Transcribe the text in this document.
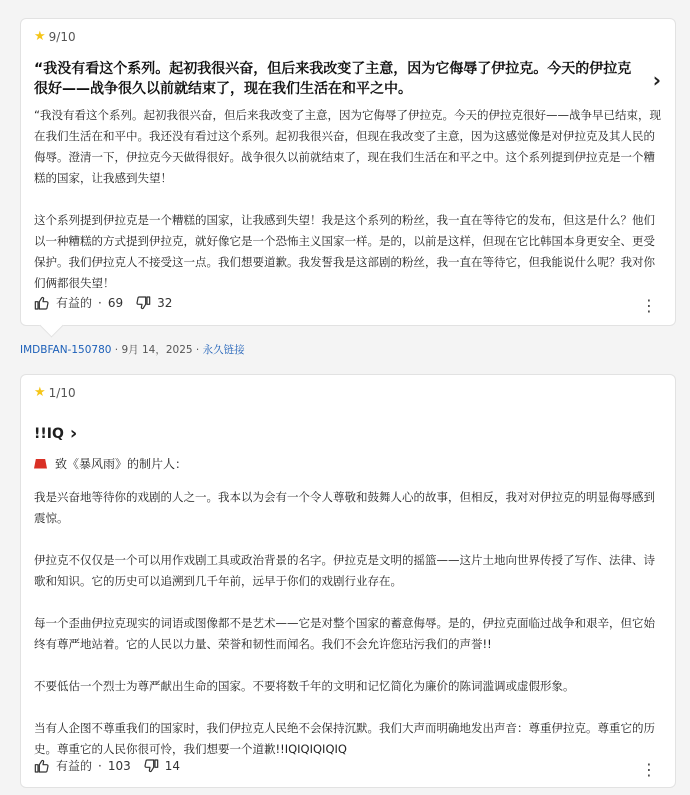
★ 9/10
“我没有看这个系列。起初我很兴奋，但后来我改变了主意，因为它侮辱了伊拉克。今天的伊拉克很好——战争很久以前就结束了，现在我们生活在和平之中。	›

“我没有看这个系列。起初我很兴奋，但后来我改变了主意，因为它侮辱了伊拉克。今天的伊拉克很好——战争早已结束，现在我们生活在和平中。我还没有看过这个系列。起初我很兴奋，但现在我改变了主意，因为这感觉像是对伊拉克及其人民的侮辱。澄清一下，伊拉克今天做得很好。战争很久以前就结束了，现在我们生活在和平之中。这个系列提到伊拉克是一个糟糕的国家，让我感到失望！

这个系列提到伊拉克是一个糟糕的国家，让我感到失望！我是这个系列的粉丝，我一直在等待它的发布，但这是什么？他们以一种糟糕的方式提到伊拉克，就好像它是一个恐怖主义国家一样。是的，以前是这样，但现在它比韩国本身更安全、更受保护。我们伊拉克人不接受这一点。我们想要道歉。我发誓我是这部剧的粉丝，我一直在等待它，但我能说什么呢？我对你们俩都很失望！

有益的 · 69	32	⋮
IMDBFAN-150780 · 9月 14，2025 · 永久链接
★ 1/10
!!IQ ›
致《暴风雨》的制片人：

我是兴奋地等待你的戏剧的人之一。我本以为会有一个令人尊敬和鼓舞人心的故事，但相反，我对对伊拉克的明显侮辱感到震惊。

伊拉克不仅仅是一个可以用作戏剧工具或政治背景的名字。伊拉克是文明的摇篮——这片土地向世界传授了写作、法律、诗歌和知识。它的历史可以追溯到几千年前，远早于你们的戏剧行业存在。

每一个歪曲伊拉克现实的词语或图像都不是艺术——它是对整个国家的蓄意侮辱。是的，伊拉克面临过战争和艰辛，但它始终有尊严地站着。它的人民以力量、荣誉和韧性而闻名。我们不会允许您玷污我们的声誉!!

不要低估一个烈士为尊严献出生命的国家。不要将数千年的文明和记忆简化为廉价的陈词滥调或虚假形象。

当有人企图不尊重我们的国家时，我们伊拉克人民绝不会保持沉默。我们大声而明确地发出声音：尊重伊拉克。尊重它的历史。尊重它的人民你很可怜，我们想要一个道歉!!IQIQIQIQIQ

有益的 · 103	14	⋮
